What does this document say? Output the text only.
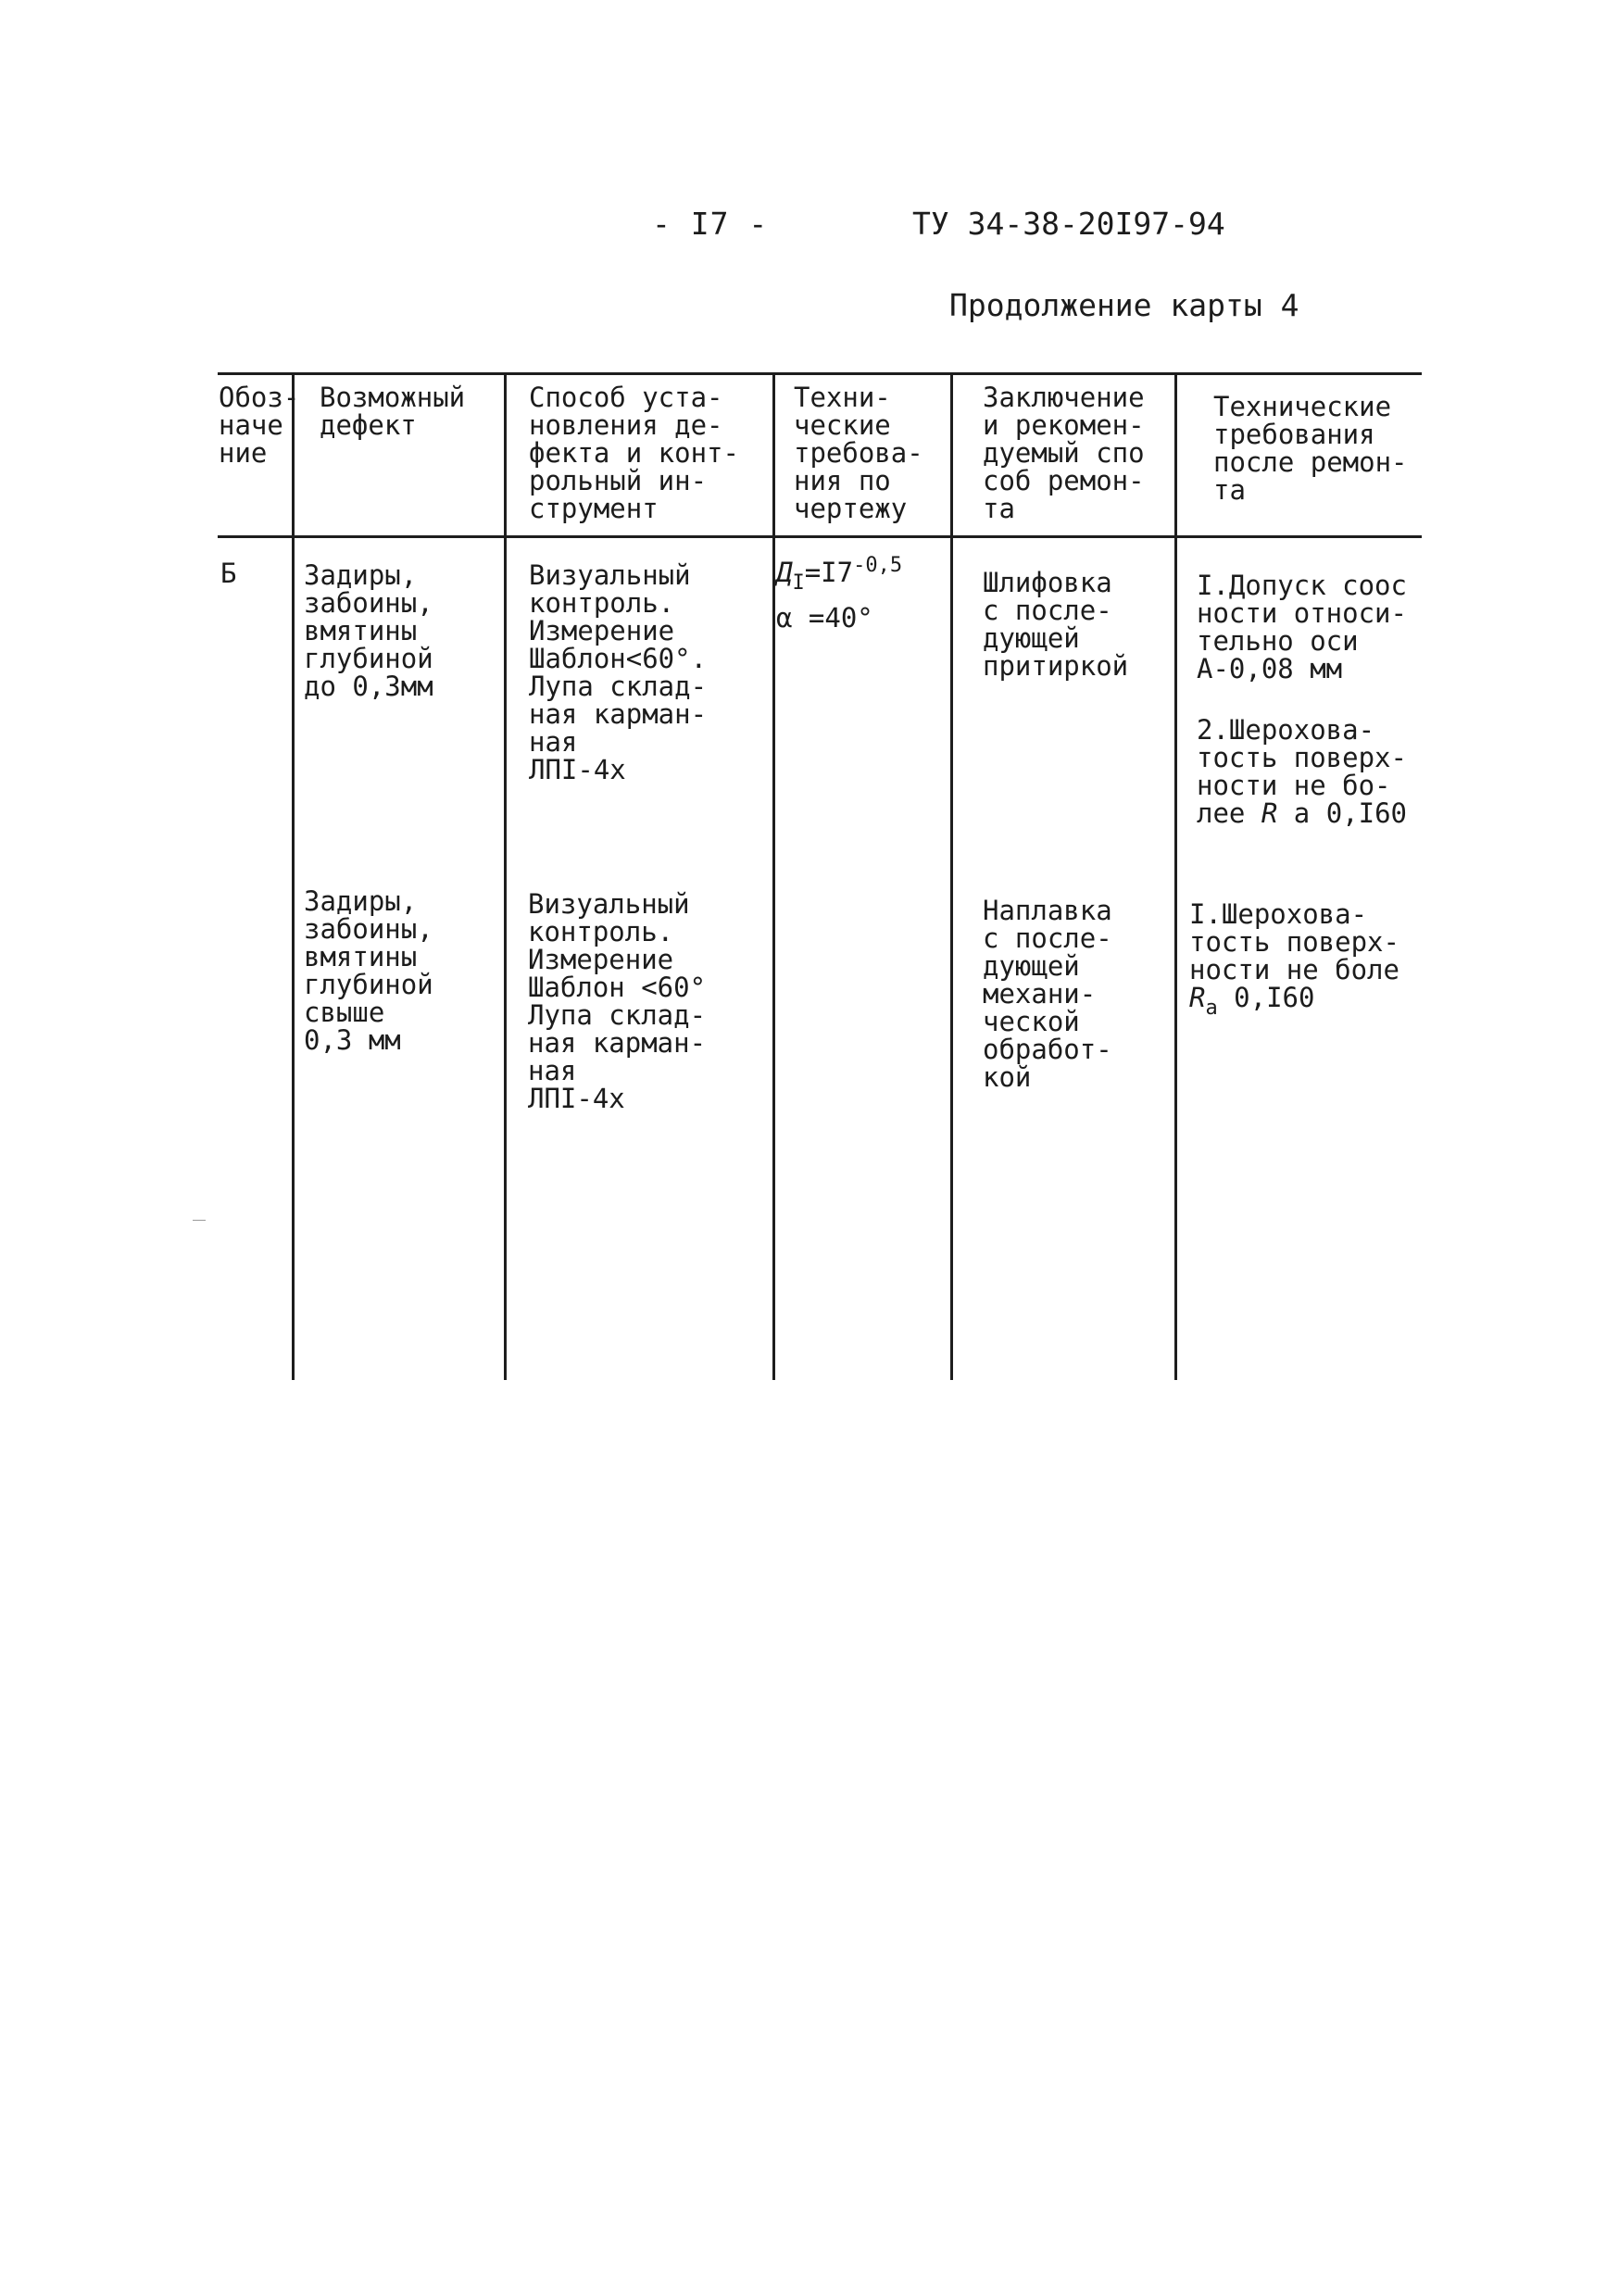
- I7 -	ТУ 34-38-20I97-94
Продолжение карты 4
Обоз-
наче
ние
Возможный
дефект
Способ уста-
новления де-
фекта и конт-
рольный ин-
струмент
Техни-
ческие
требова-
ния по
чертежу
Заключение
и рекомен-
дуемый спо
соб ремон-
та
Технические
требования
после ремон-
та
Б	Задиры,
забоины,
вмятины
глубиной
до 0,3мм
Визуальный
контроль.
Измерение
Шаблон<60°.
Лупа склад-
ная карман-
ная
ЛПI-4х
$Д_I=I7^{-0,5}$
α =40°
Шлифовка
с после-
дующей
притиркой
I.Допуск соос
ности относи-
тельно оси
А-0,08 мм
2.Шерохова-
тость поверх-
ности не бо-
лее R а 0,I60
Задиры,
забоины,
вмятины
глубиной
свыше
0,3 мм
Визуальный
контроль.
Измерение
Шаблон <60°
Лупа склад-
ная карман-
ная
ЛПI-4х
Наплавка
с после-
дующей
механи-
ческой
обработ-
кой
I.Шерохова-
тость поверх-
ности не боле
$R_a$ 0,I60
